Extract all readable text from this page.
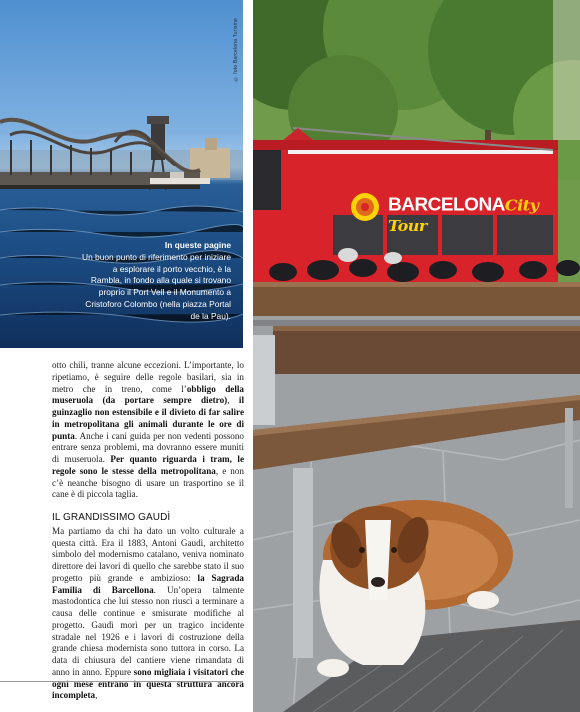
© foto Barcelona Turisme
In queste pagine
Un buon punto di riferimento per iniziare a esplorare il porto vecchio, è la Rambla, in fondo alla quale si trovano proprio il Port Vell e il Monumento a Cristoforo Colombo (nella piazza Portal de la Pau).
BARCELONACity Tour

otto chili, tranne alcune eccezioni. L’importante, lo ripetiamo, è seguire delle regole basilari, sia in metro che in treno, come l’obbligo della museruola (da portare sempre dietro), il guinzaglio non estensibile e il divieto di far salire in metropolitana gli animali durante le ore di punta. Anche i cani guida per non vedenti possono entrare senza problemi, ma dovranno essere muniti di museruola. Per quanto riguarda i tram, le regole sono le stesse della metropolitana, e non c’è neanche bisogno di usare un trasportino se il cane è di piccola taglia.

IL GRANDISSIMO GAUDÌ

Ma partiamo da chi ha dato un volto culturale a questa città. Era il 1883, Antoni Gaudì, architetto simbolo del modernismo catalano, veniva nominato direttore dei lavori di quello che sarebbe stato il suo progetto più grande e ambizioso: la Sagrada Familia di Barcellona. Un’opera talmente mastodontica che lui stesso non riuscì a terminare a causa delle continue e smisurate modifiche al progetto. Gaudì morì per un tragico incidente stradale nel 1926 e i lavori di costruzione della grande chiesa modernista sono tuttora in corso. La data di chiusura del cantiere viene rimandata di anno in anno. Eppure sono migliaia i visitatori che ogni mese entrano in questa struttura ancora incompleta,
